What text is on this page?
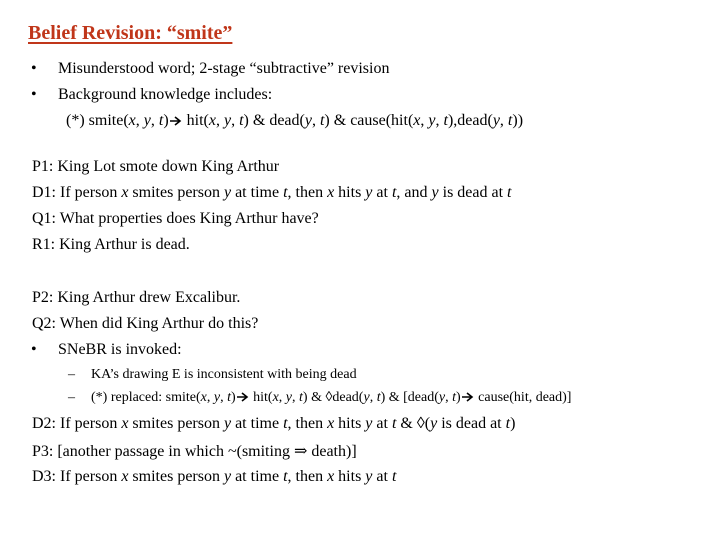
Belief Revision: “smite”
• Misunderstood word; 2-stage “subtractive” revision
• Background knowledge includes:
(*) smite(x, y, t) hit(x, y, t) & dead(y, t) & cause(hit(x, y, t),dead(y, t))
P1: King Lot smote down King Arthur
D1: If person x smites person y at time t, then x hits y at t, and y is dead at t
Q1: What properties does King Arthur have?
R1: King Arthur is dead.
P2: King Arthur drew Excalibur.
Q2: When did King Arthur do this?
• SNeBR is invoked:
– KA’s drawing E is inconsistent with being dead
– (*) replaced: smite(x, y, t) hit(x, y, t) & ◊dead(y, t) & [dead(y, t) cause(hit, dead)]
D2: If person x smites person y at time t, then x hits y at t & ◊(y is dead at t)
P3: [another passage in which ~(smiting ⇒ death)]
D3: If person x smites person y at time t, then x hits y at t
